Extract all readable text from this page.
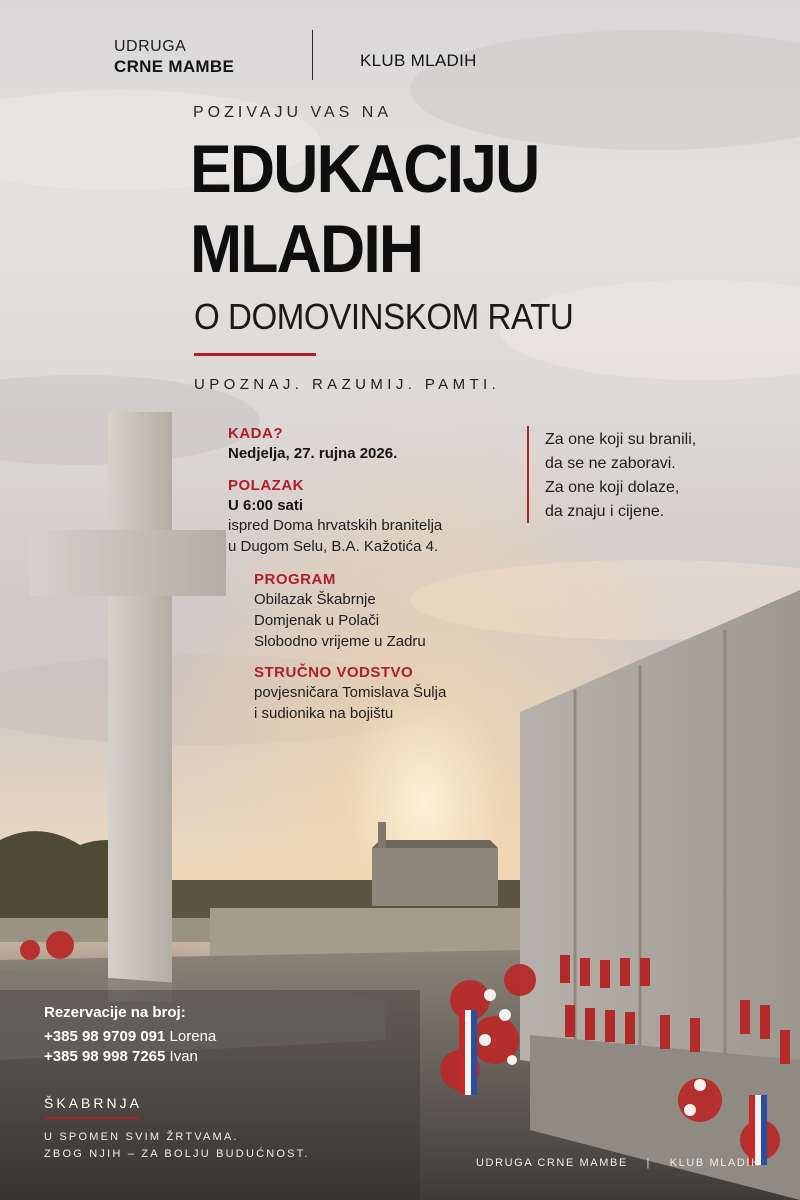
UDRUGA
CRNE MAMBE	KLUB MLADIH
POZIVAJU VAS NA
EDUKACIJU
MLADIH
O DOMOVINSKOM RATU
UPOZNAJ. RAZUMIJ. PAMTI.
KADA?
Nedjelja, 27. rujna 2026.
POLAZAK
U 6:00 sati
ispred Doma hrvatskih branitelja
u Dugom Selu, B.A. Kažotića 4.
PROGRAM
Obilazak Škabrnje
Domjenak u Polači
Slobodno vrijeme u Zadru
STRUČNO VODSTVO
povjesničara Tomislava Šulja
i sudionika na bojištu
Za one koji su branili,
da se ne zaboravi.
Za one koji dolaze,
da znaju i cijene.
Rezervacije na broj:
+385 98 9709 091 Lorena
+385 98 998 7265 Ivan
ŠKABRNJA
U SPOMEN SVIM ŽRTVAMA.
ZBOG NJIH – ZA BOLJU BUDUĆNOST.
UDRUGA CRNE MAMBE | KLUB MLADIH
